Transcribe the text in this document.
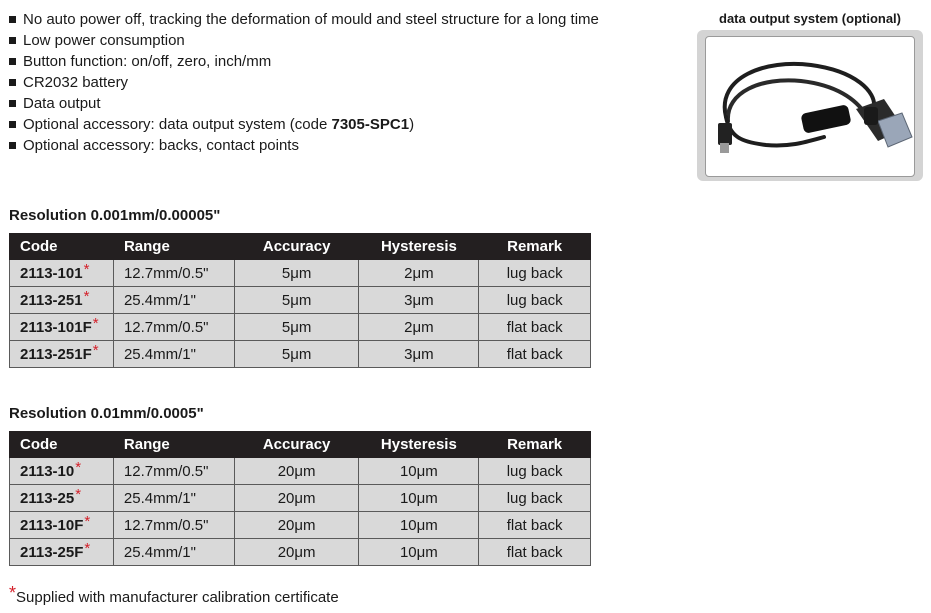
No auto power off, tracking the deformation of mould and steel structure for a long time
Low power consumption
Button function: on/off, zero, inch/mm
CR2032 battery
Data output
Optional accessory: data output system (code 7305-SPC1)
Optional accessory: backs, contact points
data output system (optional)
Resolution 0.001mm/0.00005"
Code	Range	Accuracy	Hysteresis	Remark
2113-101*	12.7mm/0.5"	5μm	2μm	lug back
2113-251*	25.4mm/1"	5μm	3μm	lug back
2113-101F*	12.7mm/0.5"	5μm	2μm	flat back
2113-251F*	25.4mm/1"	5μm	3μm	flat back
Resolution 0.01mm/0.0005"
Code	Range	Accuracy	Hysteresis	Remark
2113-10*	12.7mm/0.5"	20μm	10μm	lug back
2113-25*	25.4mm/1"	20μm	10μm	lug back
2113-10F*	12.7mm/0.5"	20μm	10μm	flat back
2113-25F*	25.4mm/1"	20μm	10μm	flat back
*Supplied with manufacturer calibration certificate
